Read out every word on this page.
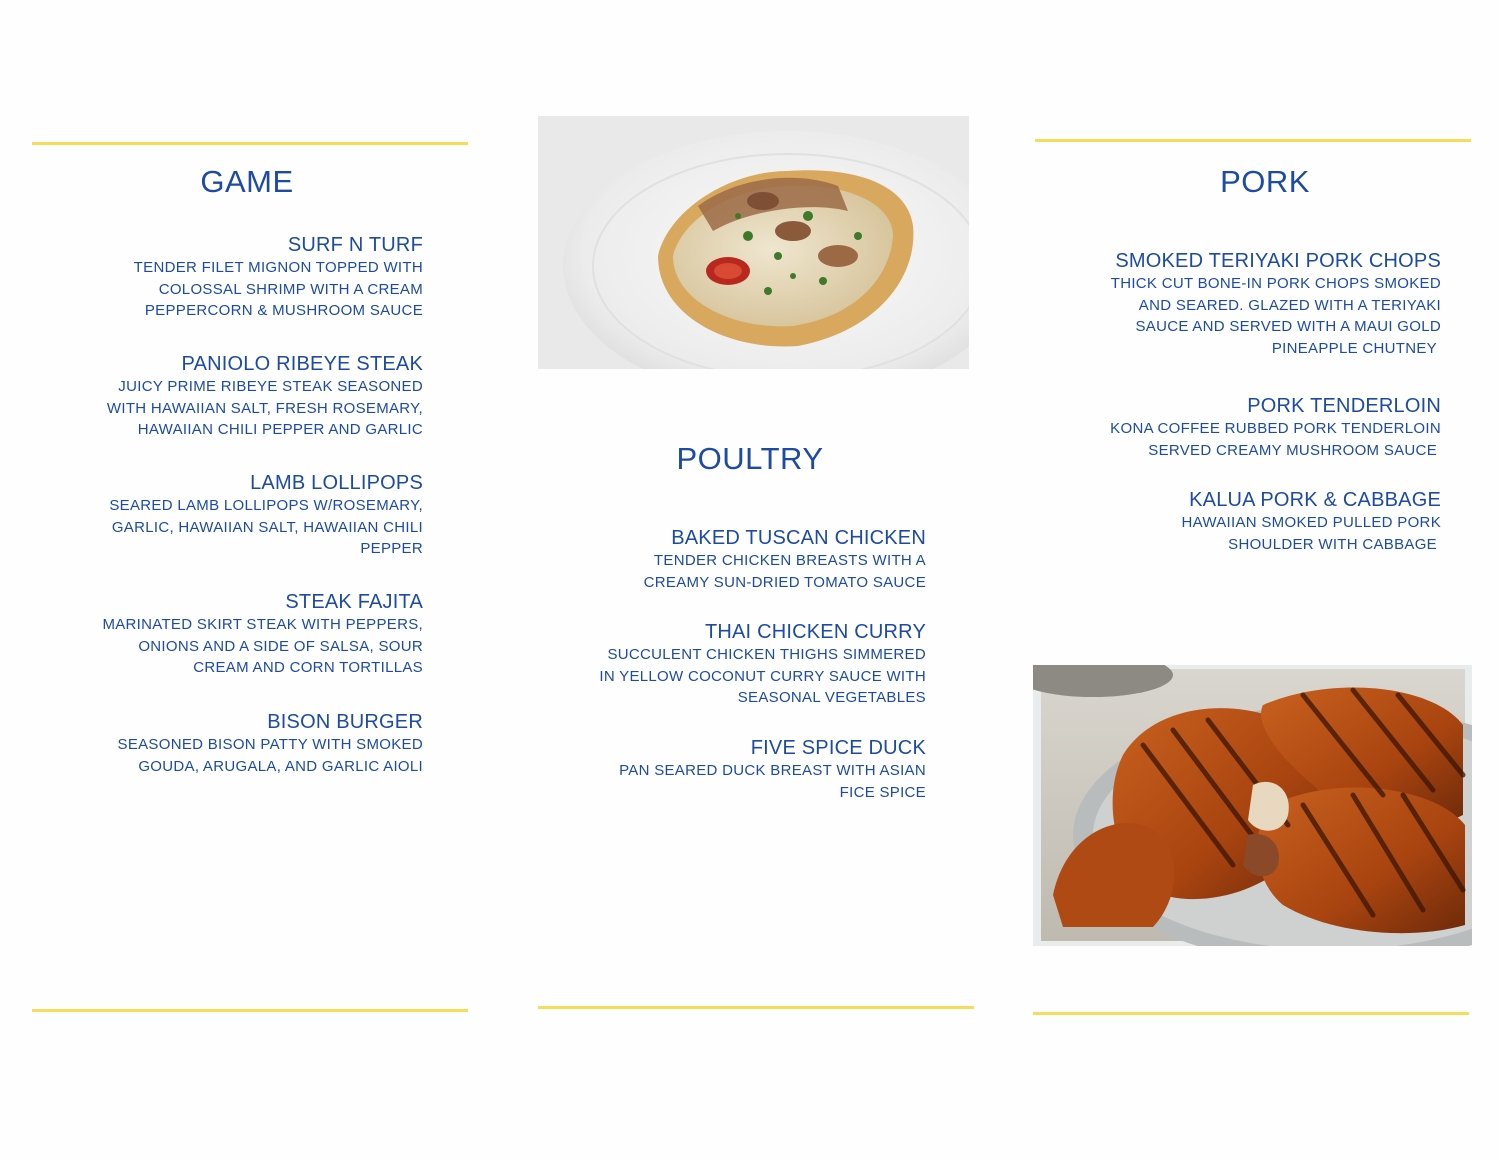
GAME
SURF N TURF
TENDER FILET MIGNON TOPPED WITH
COLOSSAL SHRIMP WITH A CREAM
PEPPERCORN & MUSHROOM SAUCE
PANIOLO RIBEYE STEAK
JUICY PRIME RIBEYE STEAK SEASONED
WITH HAWAIIAN SALT, FRESH ROSEMARY,
HAWAIIAN CHILI PEPPER AND GARLIC
LAMB LOLLIPOPS
SEARED LAMB LOLLIPOPS W/ROSEMARY,
GARLIC, HAWAIIAN SALT, HAWAIIAN CHILI
PEPPER
STEAK FAJITA
MARINATED SKIRT STEAK WITH PEPPERS,
ONIONS AND A SIDE OF SALSA, SOUR
CREAM AND CORN TORTILLAS
BISON BURGER
SEASONED BISON PATTY WITH SMOKED
GOUDA, ARUGALA, AND GARLIC AIOLI
POULTRY
BAKED TUSCAN CHICKEN
TENDER CHICKEN BREASTS WITH A
CREAMY SUN-DRIED TOMATO SAUCE
THAI CHICKEN CURRY
SUCCULENT CHICKEN THIGHS SIMMERED
IN YELLOW COCONUT CURRY SAUCE WITH
SEASONAL VEGETABLES
FIVE SPICE DUCK
PAN SEARED DUCK BREAST WITH ASIAN
FICE SPICE
PORK
SMOKED TERIYAKI PORK CHOPS
THICK CUT BONE-IN PORK CHOPS SMOKED
AND SEARED. GLAZED WITH A TERIYAKI
SAUCE AND SERVED WITH A MAUI GOLD
PINEAPPLE CHUTNEY
PORK TENDERLOIN
KONA COFFEE RUBBED PORK TENDERLOIN
SERVED CREAMY MUSHROOM SAUCE
KALUA PORK & CABBAGE
HAWAIIAN SMOKED PULLED PORK
SHOULDER WITH CABBAGE
